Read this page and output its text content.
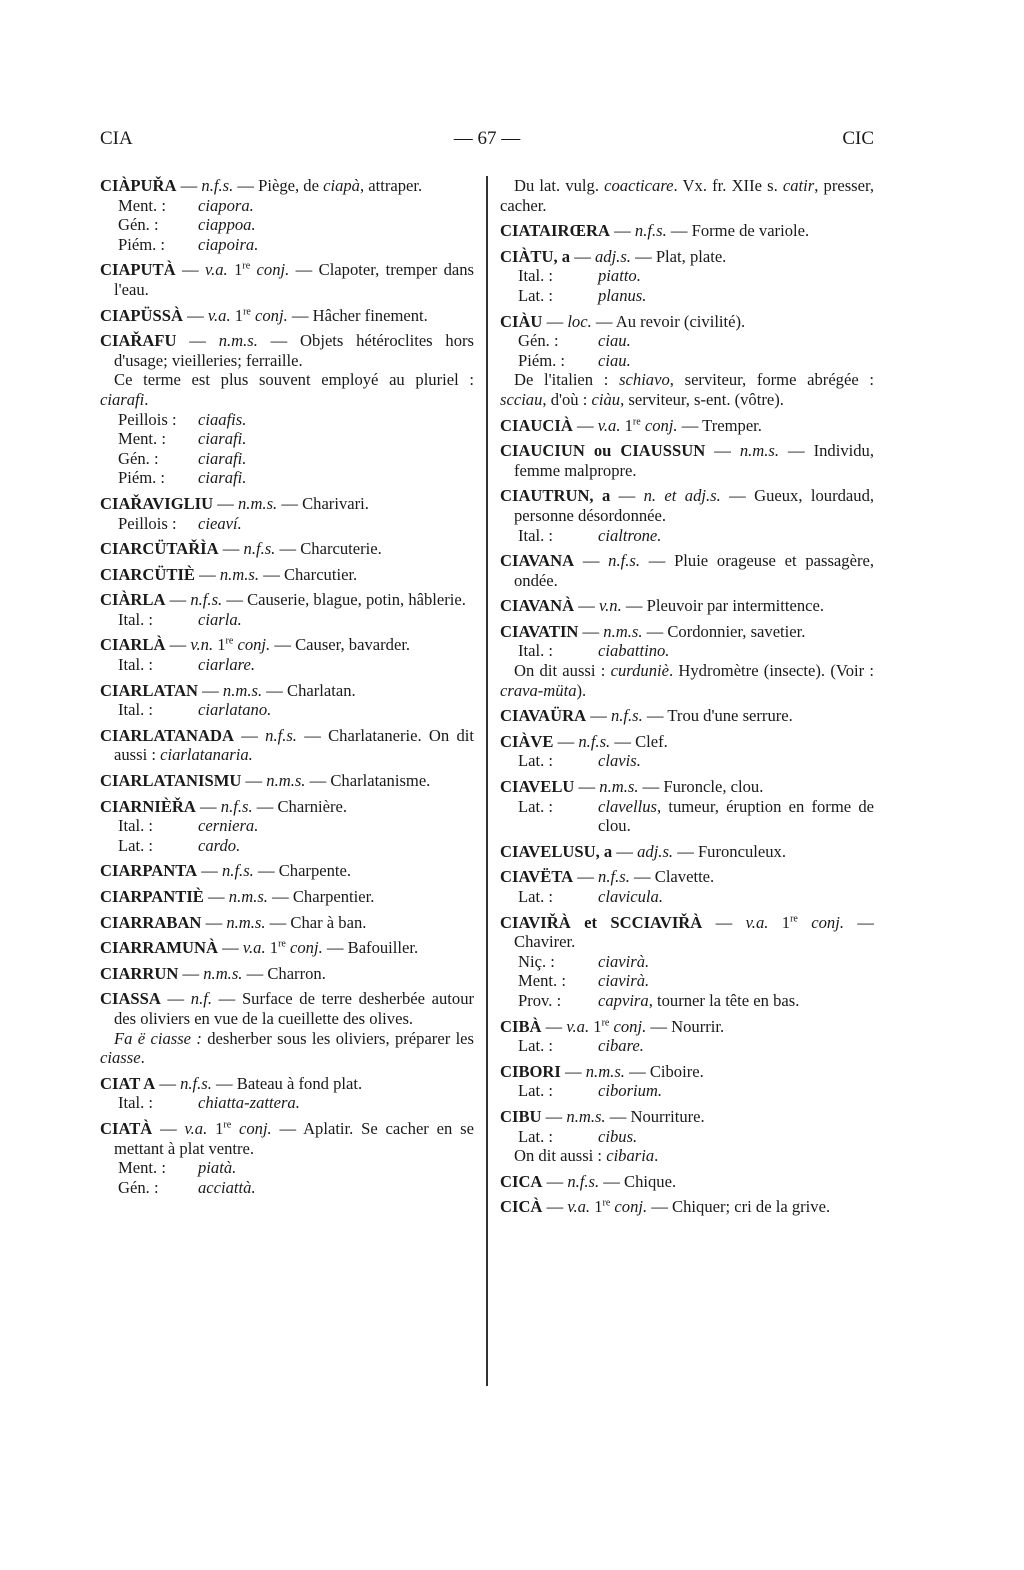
CIA	— 67 —	CIC

CIÀPUŘA — n.f.s. — Piège, de ciapà, attraper.

Ment. :	ciapora.
Gén. :	ciappoa.
Piém. :	ciapoira.

CIAPUTÀ — v.a. 1re conj. — Clapoter, tremper dans l'eau.

CIAPÜSSÀ — v.a. 1re conj. — Hâcher finement.

CIAŘAFU — n.m.s. — Objets hétéroclites hors d'usage; vieilleries; ferraille.

Ce terme est plus souvent employé au pluriel : ciarafi.

Peillois :	ciaafis.
Ment. :	ciarafi.
Gén. :	ciarafi.
Piém. :	ciarafi.

CIAŘAVIGLIU — n.m.s. — Charivari.

Peillois :	cieaví.

CIARCÜTAŘÌA — n.f.s. — Charcuterie.

CIARCÜTIÈ — n.m.s. — Charcutier.

CIÀRLA — n.f.s. — Causerie, blague, potin, hâblerie.

Ital. :	ciarla.

CIARLÀ — v.n. 1re conj. — Causer, bavarder.

Ital. :	ciarlare.

CIARLATAN — n.m.s. — Charlatan.

Ital. :	ciarlatano.

CIARLATANADA — n.f.s. — Charlatanerie. On dit aussi : ciarlatanaria.

CIARLATANISMU — n.m.s. — Charlatanisme.

CIARNIÈŘA — n.f.s. — Charnière.

Ital. :	cerniera.
Lat. :	cardo.

CIARPANTA — n.f.s. — Charpente.

CIARPANTIÈ — n.m.s. — Charpentier.

CIARRABAN — n.m.s. — Char à ban.

CIARRAMUNÀ — v.a. 1re conj. — Bafouiller.

CIARRUN — n.m.s. — Charron.

CIASSA — n.f. — Surface de terre desherbée autour des oliviers en vue de la cueillette des olives.

Fa ë ciasse : desherber sous les oliviers, préparer les ciasse.

CIAT A — n.f.s. — Bateau à fond plat.

Ital. :	chiatta-zattera.

CIATÀ — v.a. 1re conj. — Aplatir. Se cacher en se mettant à plat ventre.

Ment. :	piatà.
Gén. :	acciattà.

Du lat. vulg. coacticare. Vx. fr. XIIe s. catir, presser, cacher.

CIATAIRŒRA — n.f.s. — Forme de variole.

CIÀTU, a — adj.s. — Plat, plate.

Ital. :	piatto.
Lat. :	planus.

CIÀU — loc. — Au revoir (civilité).

Gén. :	ciau.
Piém. :	ciau.

De l'italien : schiavo, serviteur, forme abrégée : scciau, d'où : ciàu, serviteur, s-ent. (vôtre).

CIAUCIÀ — v.a. 1re conj. — Tremper.

CIAUCIUN ou CIAUSSUN — n.m.s. — Individu, femme malpropre.

CIAUTRUN, a — n. et adj.s. — Gueux, lourdaud, personne désordonnée.

Ital. :	cialtrone.

CIAVANA — n.f.s. — Pluie orageuse et passagère, ondée.

CIAVANÀ — v.n. — Pleuvoir par intermittence.

CIAVATIN — n.m.s. — Cordonnier, savetier.

Ital. :	ciabattino.

On dit aussi : curduniè. Hydromètre (insecte). (Voir : crava-müta).

CIAVAÜRA — n.f.s. — Trou d'une serrure.

CIÀVE — n.f.s. — Clef.

Lat. :	clavis.

CIAVELU — n.m.s. — Furoncle, clou.

Lat. :	clavellus, tumeur, éruption en forme de clou.

CIAVELUSU, a — adj.s. — Furonculeux.

CIAVËTA — n.f.s. — Clavette.

Lat. :	clavicula.

CIAVIŘÀ et SCCIAVIŘÀ — v.a. 1re conj. — Chavirer.

Niç. :	ciavirà.
Ment. :	ciavirà.
Prov. :	capvira, tourner la tête en bas.

CIBÀ — v.a. 1re conj. — Nourrir.

Lat. :	cibare.

CIBORI — n.m.s. — Ciboire.

Lat. :	ciborium.

CIBU — n.m.s. — Nourriture.

Lat. :	cibus.

On dit aussi : cibaria.

CICA — n.f.s. — Chique.

CICÀ — v.a. 1re conj. — Chiquer; cri de la grive.
